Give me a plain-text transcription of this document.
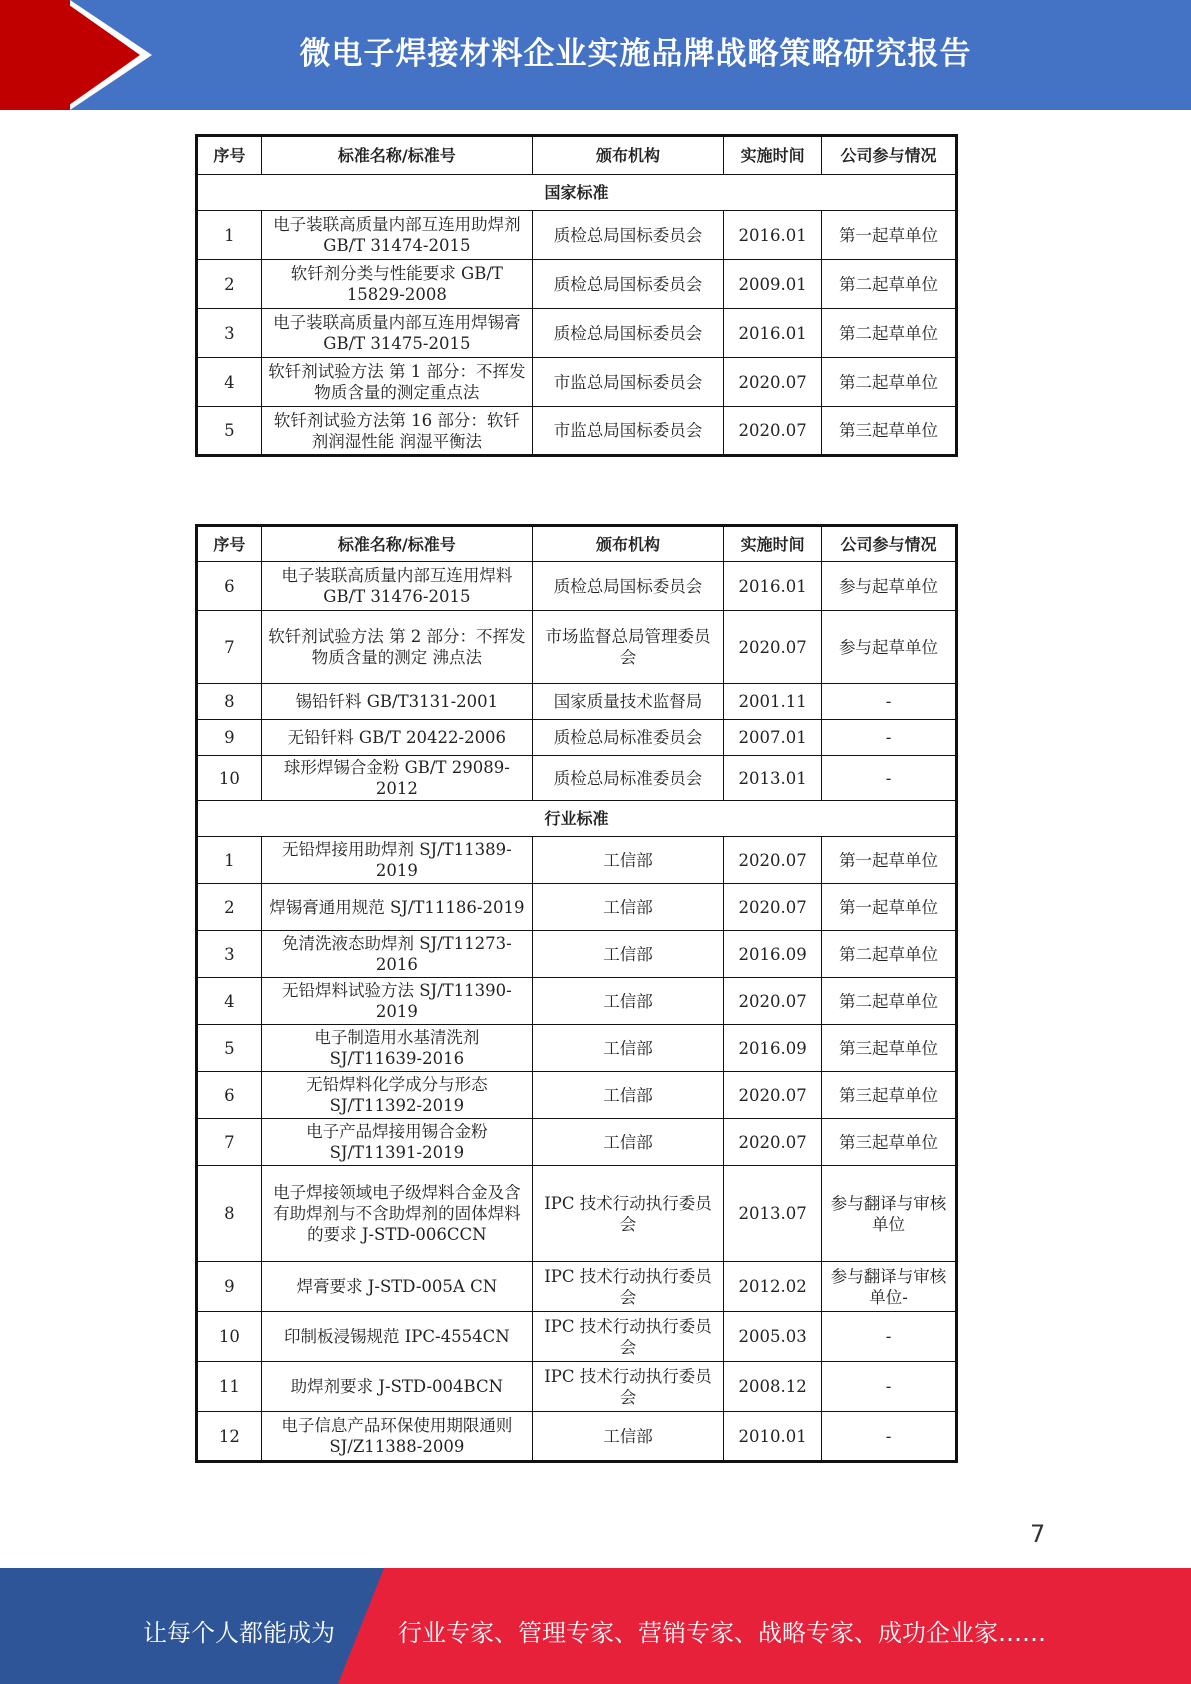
微电子焊接材料企业实施品牌战略策略研究报告
序号	标准名称/标准号	颁布机构	实施时间	公司参与情况
国家标准				
1	电子装联高质量内部互连用助焊剂GB/T 31474-2015	质检总局国标委员会	2016.01	第一起草单位
2	软钎剂分类与性能要求 GB/T 15829-2008	质检总局国标委员会	2009.01	第二起草单位
3	电子装联高质量内部互连用焊锡膏 GB/T 31475-2015	质检总局国标委员会	2016.01	第二起草单位
4	软钎剂试验方法 第 1 部分：不挥发物质含量的测定重点法	市监总局国标委员会	2020.07	第二起草单位
5	软钎剂试验方法第 16 部分：软钎剂润湿性能 润湿平衡法	市监总局国标委员会	2020.07	第三起草单位
序号	标准名称/标准号	颁布机构	实施时间	公司参与情况
6	电子装联高质量内部互连用焊料 GB/T 31476-2015	质检总局国标委员会	2016.01	参与起草单位
7	软钎剂试验方法 第 2 部分：不挥发物质含量的测定 沸点法	市场监督总局管理委员会	2020.07	参与起草单位
8	锡铅钎料 GB/T3131-2001	国家质量技术监督局	2001.11	-
9	无铅钎料 GB/T 20422-2006	质检总局标准委员会	2007.01	-
10	球形焊锡合金粉 GB/T 29089-2012	质检总局标准委员会	2013.01	-
行业标准				
1	无铅焊接用助焊剂 SJ/T11389-2019	工信部	2020.07	第一起草单位
2	焊锡膏通用规范 SJ/T11186-2019	工信部	2020.07	第一起草单位
3	免清洗液态助焊剂 SJ/T11273-2016	工信部	2016.09	第二起草单位
4	无铅焊料试验方法 SJ/T11390-2019	工信部	2020.07	第二起草单位
5	电子制造用水基清洗剂 SJ/T11639-2016	工信部	2016.09	第三起草单位
6	无铅焊料化学成分与形态 SJ/T11392-2019	工信部	2020.07	第三起草单位
7	电子产品焊接用锡合金粉 SJ/T11391-2019	工信部	2020.07	第三起草单位
8	电子焊接领域电子级焊料合金及含有助焊剂与不含助焊剂的固体焊料的要求 J-STD-006CCN	IPC 技术行动执行委员会	2013.07	参与翻译与审核单位
9	焊膏要求 J-STD-005A CN	IPC 技术行动执行委员会	2012.02	参与翻译与审核单位-
10	印制板浸锡规范 IPC-4554CN	IPC 技术行动执行委员会	2005.03	-
11	助焊剂要求 J-STD-004BCN	IPC 技术行动执行委员会	2008.12	-
12	电子信息产品环保使用期限通则 SJ/Z11388-2009	工信部	2010.01	-
7
让每个人都能成为	行业专家、管理专家、营销专家、战略专家、成功企业家……
